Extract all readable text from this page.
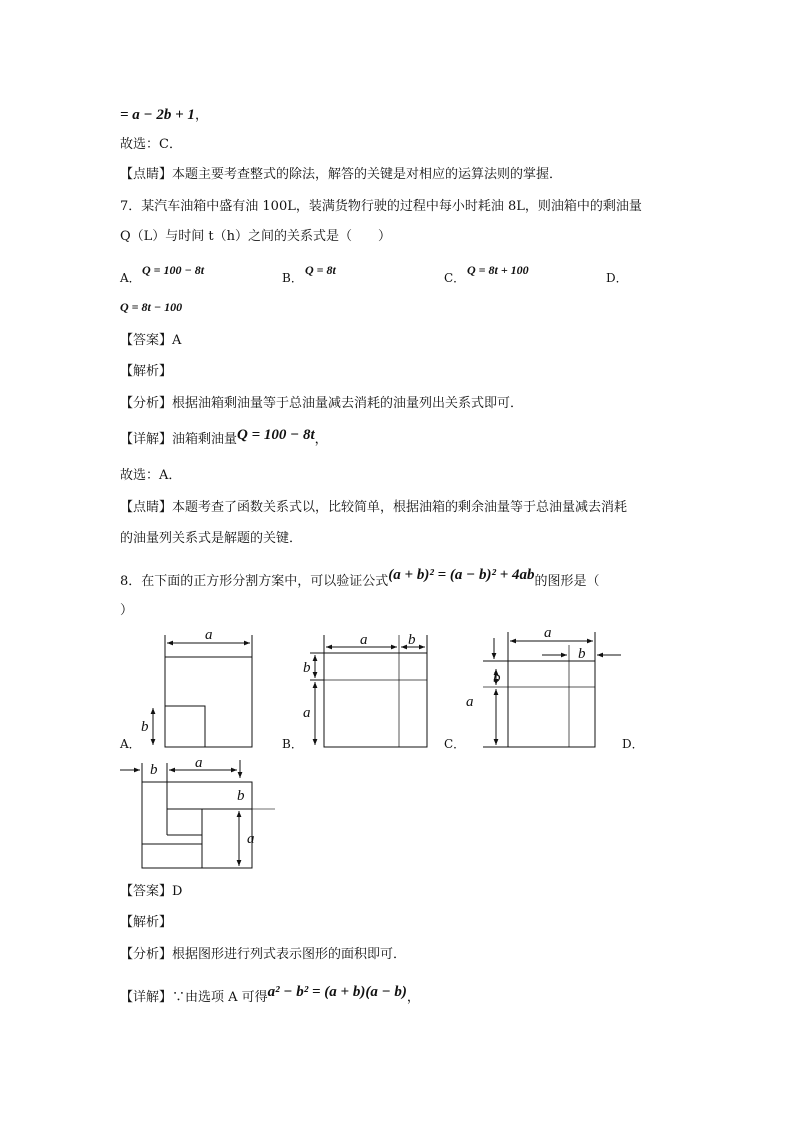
= a − 2b + 1，
故选：C．
【点睛】本题主要考查整式的除法，解答的关键是对相应的运算法则的掌握．
7．某汽车油箱中盛有油 100L，装满货物行驶的过程中每小时耗油 8L，则油箱中的剩油量
Q（L）与时间 t（h）之间的关系式是（　　）
A．
Q = 100 − 8t
B．
Q = 8t
C．
Q = 8t + 100
D．
Q = 8t − 100
【答案】A
【解析】
【分析】根据油箱剩油量等于总油量减去消耗的油量列出关系式即可．
【详解】油箱剩油量Q = 100 − 8t，
故选：A．
【点睛】本题考查了函数关系式以，比较简单，根据油箱的剩余油量等于总油量减去消耗
的油量列关系式是解题的关键．
8．在下面的正方形分割方案中，可以验证公式(a + b)² = (a − b)² + 4ab的图形是（
）
a
b
A．
a	b
b
a
B．
a
b
b
a
C．	D．
b	a
b
a
【答案】D
【解析】
【分析】根据图形进行列式表示图形的面积即可．
【详解】∵由选项 A 可得a² − b² = (a + b)(a − b)，
